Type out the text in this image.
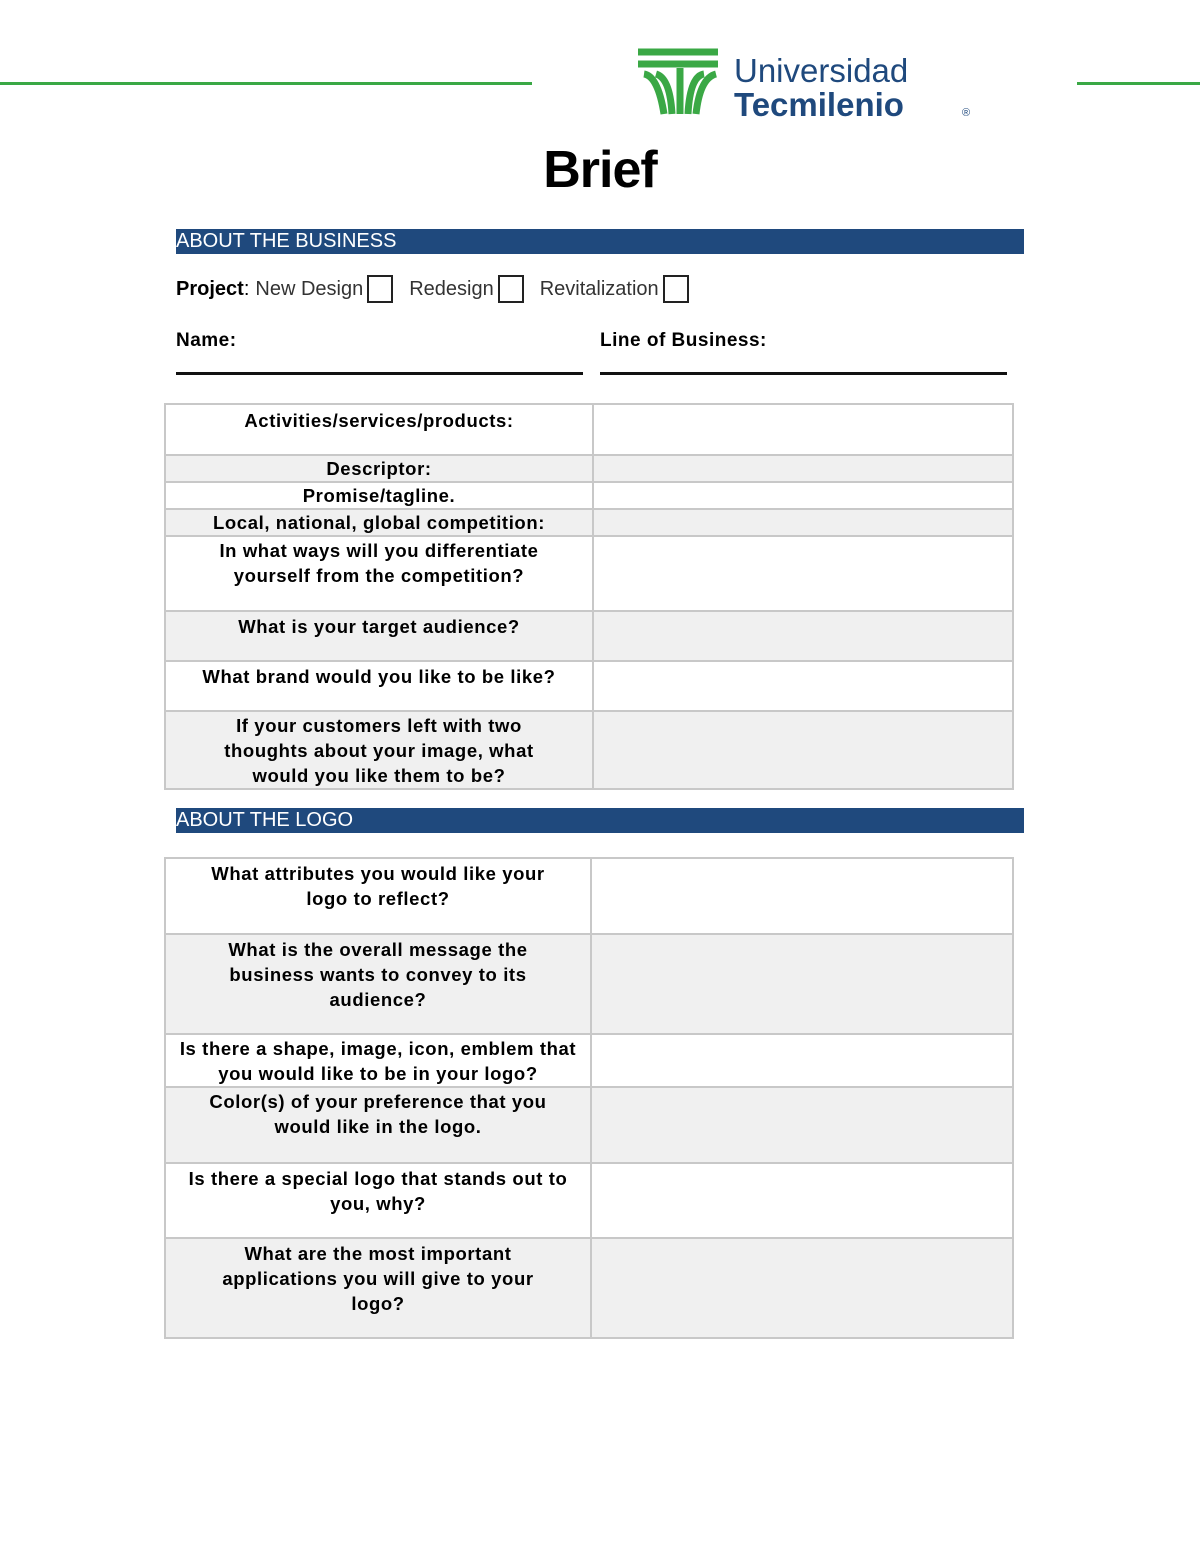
Universidad
Tecmilenio	®
Brief
ABOUT THE BUSINESS
Project : New Design Redesign Revitalization
Name:	Line of Business:
Activities/services/products:	
Descriptor:	
Promise/tagline.	
Local, national, global competition:	
In what ways will you differentiate yourself from the competition?	
What is your target audience?	
What brand would you like to be like?	
If your customers left with two thoughts about your image, what would you like them to be?	
ABOUT THE LOGO
What attributes you would like your logo to reflect?	
What is the overall message the business wants to convey to its audience?	
Is there a shape, image, icon, emblem that you would like to be in your logo?	
Color(s) of your preference that you would like in the logo.	
Is there a special logo that stands out to you, why?	
What are the most important applications you will give to your logo?	
